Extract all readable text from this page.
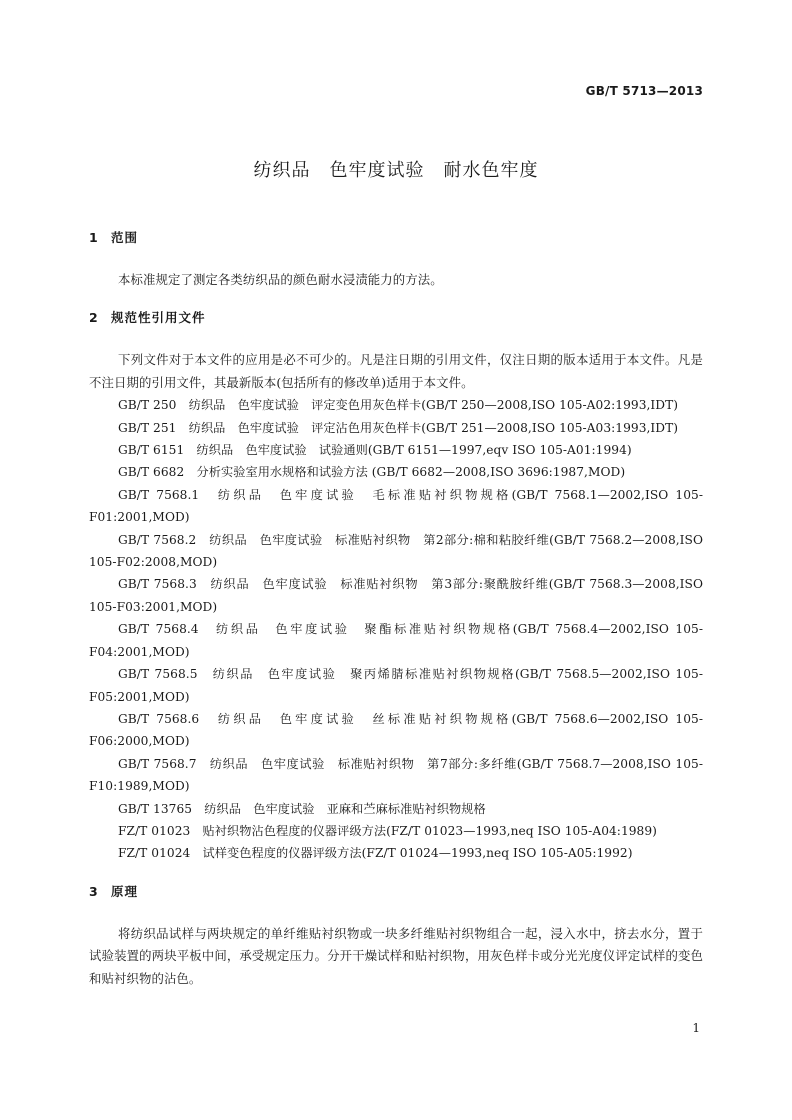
GB/T 5713—2013
纺织品　色牢度试验　耐水色牢度
1 范围

本标准规定了测定各类纺织品的颜色耐水浸渍能力的方法。

2 规范性引用文件

下列文件对于本文件的应用是必不可少的。凡是注日期的引用文件，仅注日期的版本适用于本文件。凡是不注日期的引用文件，其最新版本(包括所有的修改单)适用于本文件。

GB/T 250　纺织品　色牢度试验　评定变色用灰色样卡(GB/T 250—2008,ISO 105-A02:1993,IDT)

GB/T 251　纺织品　色牢度试验　评定沾色用灰色样卡(GB/T 251—2008,ISO 105-A03:1993,IDT)

GB/T 6151　纺织品　色牢度试验　试验通则(GB/T 6151—1997,eqv ISO 105-A01:1994)

GB/T 6682　分析实验室用水规格和试验方法 (GB/T 6682—2008,ISO 3696:1987,MOD)

GB/T 7568.1　纺织品　色牢度试验　毛标准贴衬织物规格(GB/T 7568.1—2002,ISO 105-F01:2001,MOD)

GB/T 7568.2　纺织品　色牢度试验　标准贴衬织物　第2部分:棉和粘胶纤维(GB/T 7568.2—2008,ISO 105-F02:2008,MOD)

GB/T 7568.3　纺织品　色牢度试验　标准贴衬织物　第3部分:聚酰胺纤维(GB/T 7568.3—2008,ISO 105-F03:2001,MOD)

GB/T 7568.4　纺织品　色牢度试验　聚酯标准贴衬织物规格(GB/T 7568.4—2002,ISO 105-F04:2001,MOD)

GB/T 7568.5　纺织品　色牢度试验　聚丙烯腈标准贴衬织物规格(GB/T 7568.5—2002,ISO 105-F05:2001,MOD)

GB/T 7568.6　纺织品　色牢度试验　丝标准贴衬织物规格(GB/T 7568.6—2002,ISO 105-F06:2000,MOD)

GB/T 7568.7　纺织品　色牢度试验　标准贴衬织物　第7部分:多纤维(GB/T 7568.7—2008,ISO 105-F10:1989,MOD)

GB/T 13765　纺织品　色牢度试验　亚麻和苎麻标准贴衬织物规格

FZ/T 01023　贴衬织物沾色程度的仪器评级方法(FZ/T 01023—1993,neq ISO 105-A04:1989)

FZ/T 01024　试样变色程度的仪器评级方法(FZ/T 01024—1993,neq ISO 105-A05:1992)

3 原理

将纺织品试样与两块规定的单纤维贴衬织物或一块多纤维贴衬织物组合一起，浸入水中，挤去水分，置于试验装置的两块平板中间，承受规定压力。分开干燥试样和贴衬织物，用灰色样卡或分光光度仪评定试样的变色和贴衬织物的沾色。

1
